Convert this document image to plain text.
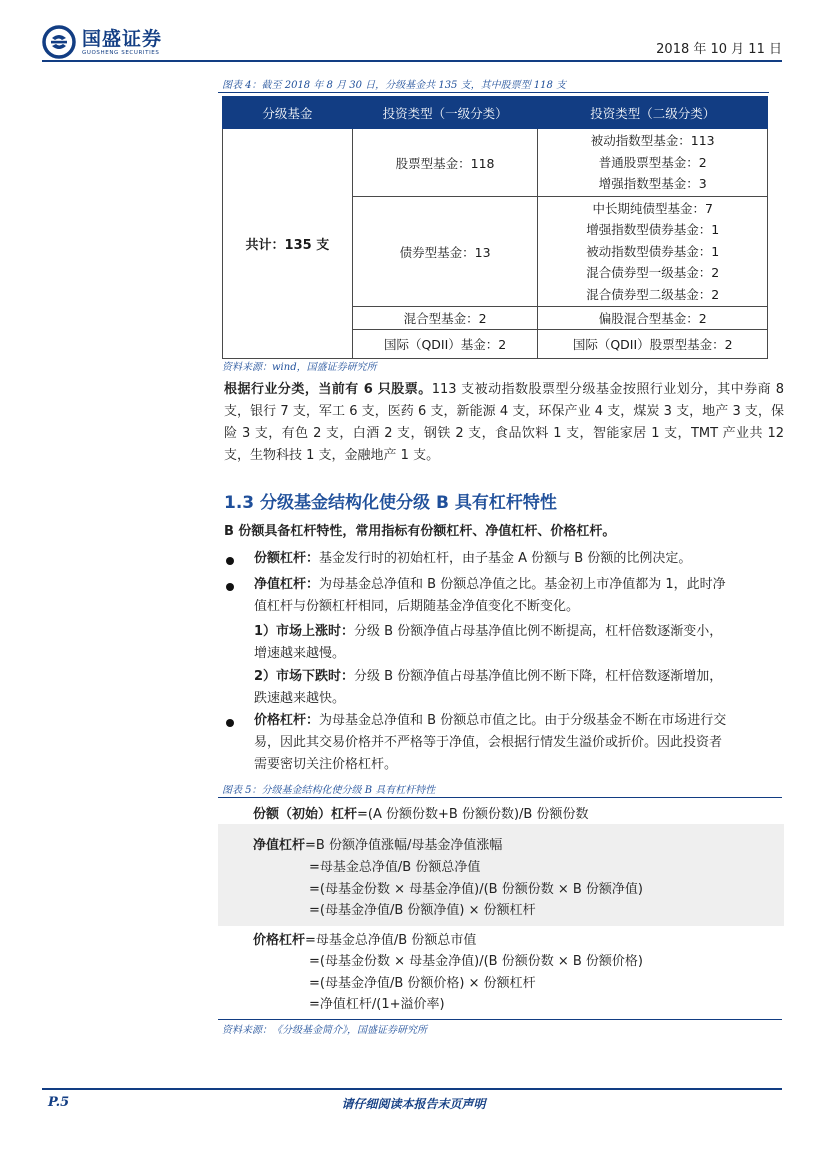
国盛证券
GUOSHENG SECURITIES	2018 年 10 月 11 日
图表 4：截至 2018 年 8 月 30 日，分级基金共 135 支，其中股票型 118 支
分级基金	投资类型（一级分类）	投资类型（二级分类）
共计：135 支	股票型基金：118	被动指数型基金：113
普通股票型基金：2
增强指数型基金：3

	债券型基金：13	中长期纯债型基金：7
增强指数型债券基金：1
被动指数型债券基金：1
混合债券型一级基金：2
混合债券型二级基金：2

	混合型基金：2	偏股混合型基金：2
	国际（QDII）基金：2	国际（QDII）股票型基金：2
资料来源：wind，国盛证券研究所
根据行业分类，当前有 6 只股票。113 支被动指数股票型分级基金按照行业划分，其中券商 8 支，银行 7 支，军工 6 支，医药 6 支，新能源 4 支，环保产业 4 支，煤炭 3 支，地产 3 支，保险 3 支，有色 2 支，白酒 2 支，钢铁 2 支，食品饮料 1 支，智能家居 1 支，TMT 产业共 12 支，生物科技 1 支，金融地产 1 支。
1.3 分级基金结构化使分级 B 具有杠杆特性
B 份额具备杠杆特性，常用指标有份额杠杆、净值杠杆、价格杠杆。
份额杠杆：基金发行时的初始杠杆，由子基金 A 份额与 B 份额的比例决定。
净值杠杆：为母基金总净值和 B 份额总净值之比。基金初上市净值都为 1，此时净
值杠杆与份额杠杆相同，后期随基金净值变化不断变化。
1）市场上涨时：分级 B 份额净值占母基净值比例不断提高，杠杆倍数逐渐变小，
增速越来越慢。
2）市场下跌时：分级 B 份额净值占母基净值比例不断下降，杠杆倍数逐渐增加，
跌速越来越快。
价格杠杆：为母基金总净值和 B 份额总市值之比。由于分级基金不断在市场进行交
易，因此其交易价格并不严格等于净值，会根据行情发生溢价或折价。因此投资者
需要密切关注价格杠杆。
图表 5：分级基金结构化使分级 B 具有杠杆特性
份额（初始）杠杆=(A 份额份数+B 份额份数)/B 份额份数
净值杠杆=B 份额净值涨幅/母基金净值涨幅
=母基金总净值/B 份额总净值
=(母基金份数 × 母基金净值)/(B 份额份数 × B 份额净值)
=(母基金净值/B 份额净值) × 份额杠杆
价格杠杆=母基金总净值/B 份额总市值
=(母基金份数 × 母基金净值)/(B 份额份数 × B 份额价格)
=(母基金净值/B 份额价格) × 份额杠杆
=净值杠杆/(1+溢价率)
资料来源：《分级基金简介》，国盛证券研究所
P.5	请仔细阅读本报告末页声明
